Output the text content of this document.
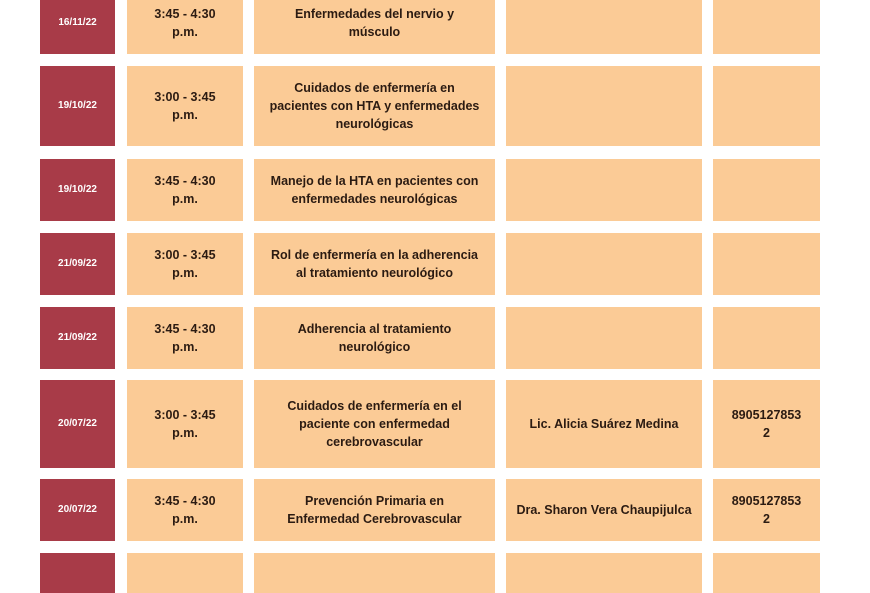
16/11/22
3:45 - 4:30
p.m.
Enfermedades del nervio y músculo
19/10/22
3:00 - 3:45
p.m.
Cuidados de enfermería en pacientes con HTA y enfermedades neurológicas
19/10/22
3:45 - 4:30
p.m.
Manejo de la HTA en pacientes con enfermedades neurológicas
21/09/22
3:00 - 3:45
p.m.
Rol de enfermería en la adherencia al tratamiento neurológico
21/09/22
3:45 - 4:30
p.m.
Adherencia al tratamiento neurológico
20/07/22
3:00 - 3:45
p.m.
Cuidados de enfermería en el paciente con enfermedad cerebrovascular
Lic. Alicia Suárez Medina
8905127853
2
20/07/22
3:45 - 4:30
p.m.
Prevención Primaria en Enfermedad Cerebrovascular
Dra. Sharon Vera Chaupijulca
8905127853
2
